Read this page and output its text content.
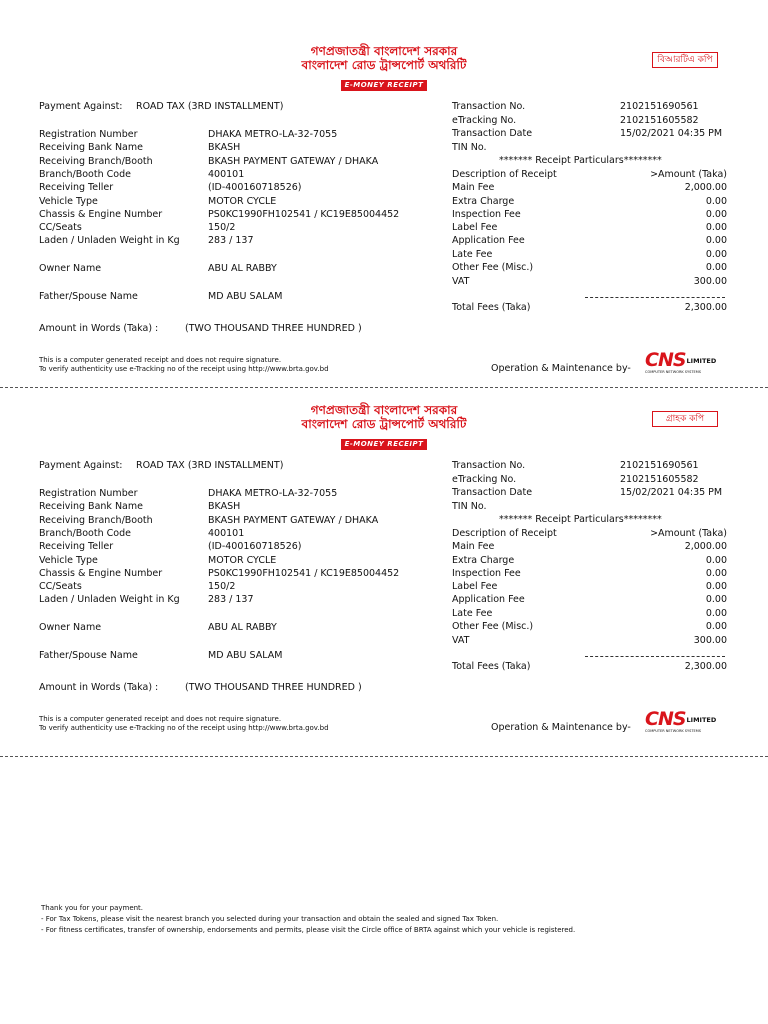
গণপ্রজাতন্ত্রী বাংলাদেশ সরকার
বাংলাদেশ রোড ট্রান্সপোর্ট অথরিটি
E-MONEY RECEIPT
বিআরটিএ কপি
Payment Against: ROAD TAX (3RD INSTALLMENT)
Registration Number	DHAKA METRO-LA-32-7055
Receiving Bank Name	BKASH
Receiving Branch/Booth	BKASH PAYMENT GATEWAY / DHAKA
Branch/Booth Code	400101
Receiving Teller	(ID-400160718526)
Vehicle Type	MOTOR CYCLE
Chassis & Engine Number	PS0KC1990FH102541 / KC19E85004452
CC/Seats	150/2
Laden / Unladen Weight in Kg	283 / 137
Owner Name	ABU AL RABBY
Father/Spouse Name	MD ABU SALAM
Amount in Words (Taka) :	(TWO THOUSAND THREE HUNDRED )
This is a computer generated receipt and does not require signature.
To verify authenticity use e-Tracking no of the receipt using http://www.brta.gov.bd
Transaction No.	2102151690561
eTracking No.	2102151605582
Transaction Date	15/02/2021 04:35 PM
TIN No.
******* Receipt Particulars********
Description of Receipt	>Amount (Taka)
Main Fee	2,000.00
Extra Charge	0.00
Inspection Fee	0.00
Label Fee	0.00
Application Fee	0.00
Late Fee	0.00
Other Fee (Misc.)	0.00
VAT	300.00
Total Fees (Taka)	2,300.00
Operation & Maintenance by- CNSLIMITED
COMPUTER NETWORK SYSTEMS
গণপ্রজাতন্ত্রী বাংলাদেশ সরকার
বাংলাদেশ রোড ট্রান্সপোর্ট অথরিটি
E-MONEY RECEIPT
গ্রাহক কপি
Payment Against: ROAD TAX (3RD INSTALLMENT)
Registration Number	DHAKA METRO-LA-32-7055
Receiving Bank Name	BKASH
Receiving Branch/Booth	BKASH PAYMENT GATEWAY / DHAKA
Branch/Booth Code	400101
Receiving Teller	(ID-400160718526)
Vehicle Type	MOTOR CYCLE
Chassis & Engine Number	PS0KC1990FH102541 / KC19E85004452
CC/Seats	150/2
Laden / Unladen Weight in Kg	283 / 137
Owner Name	ABU AL RABBY
Father/Spouse Name	MD ABU SALAM
Amount in Words (Taka) :	(TWO THOUSAND THREE HUNDRED )
This is a computer generated receipt and does not require signature.
To verify authenticity use e-Tracking no of the receipt using http://www.brta.gov.bd
Transaction No.	2102151690561
eTracking No.	2102151605582
Transaction Date	15/02/2021 04:35 PM
TIN No.
******* Receipt Particulars********
Description of Receipt	>Amount (Taka)
Main Fee	2,000.00
Extra Charge	0.00
Inspection Fee	0.00
Label Fee	0.00
Application Fee	0.00
Late Fee	0.00
Other Fee (Misc.)	0.00
VAT	300.00
Total Fees (Taka)	2,300.00
Operation & Maintenance by- CNSLIMITED
COMPUTER NETWORK SYSTEMS
Thank you for your payment.
- For Tax Tokens, please visit the nearest branch you selected during your transaction and obtain the sealed and signed Tax Token.
- For fitness certificates, transfer of ownership, endorsements and permits, please visit the Circle office of BRTA against which your vehicle is registered.
